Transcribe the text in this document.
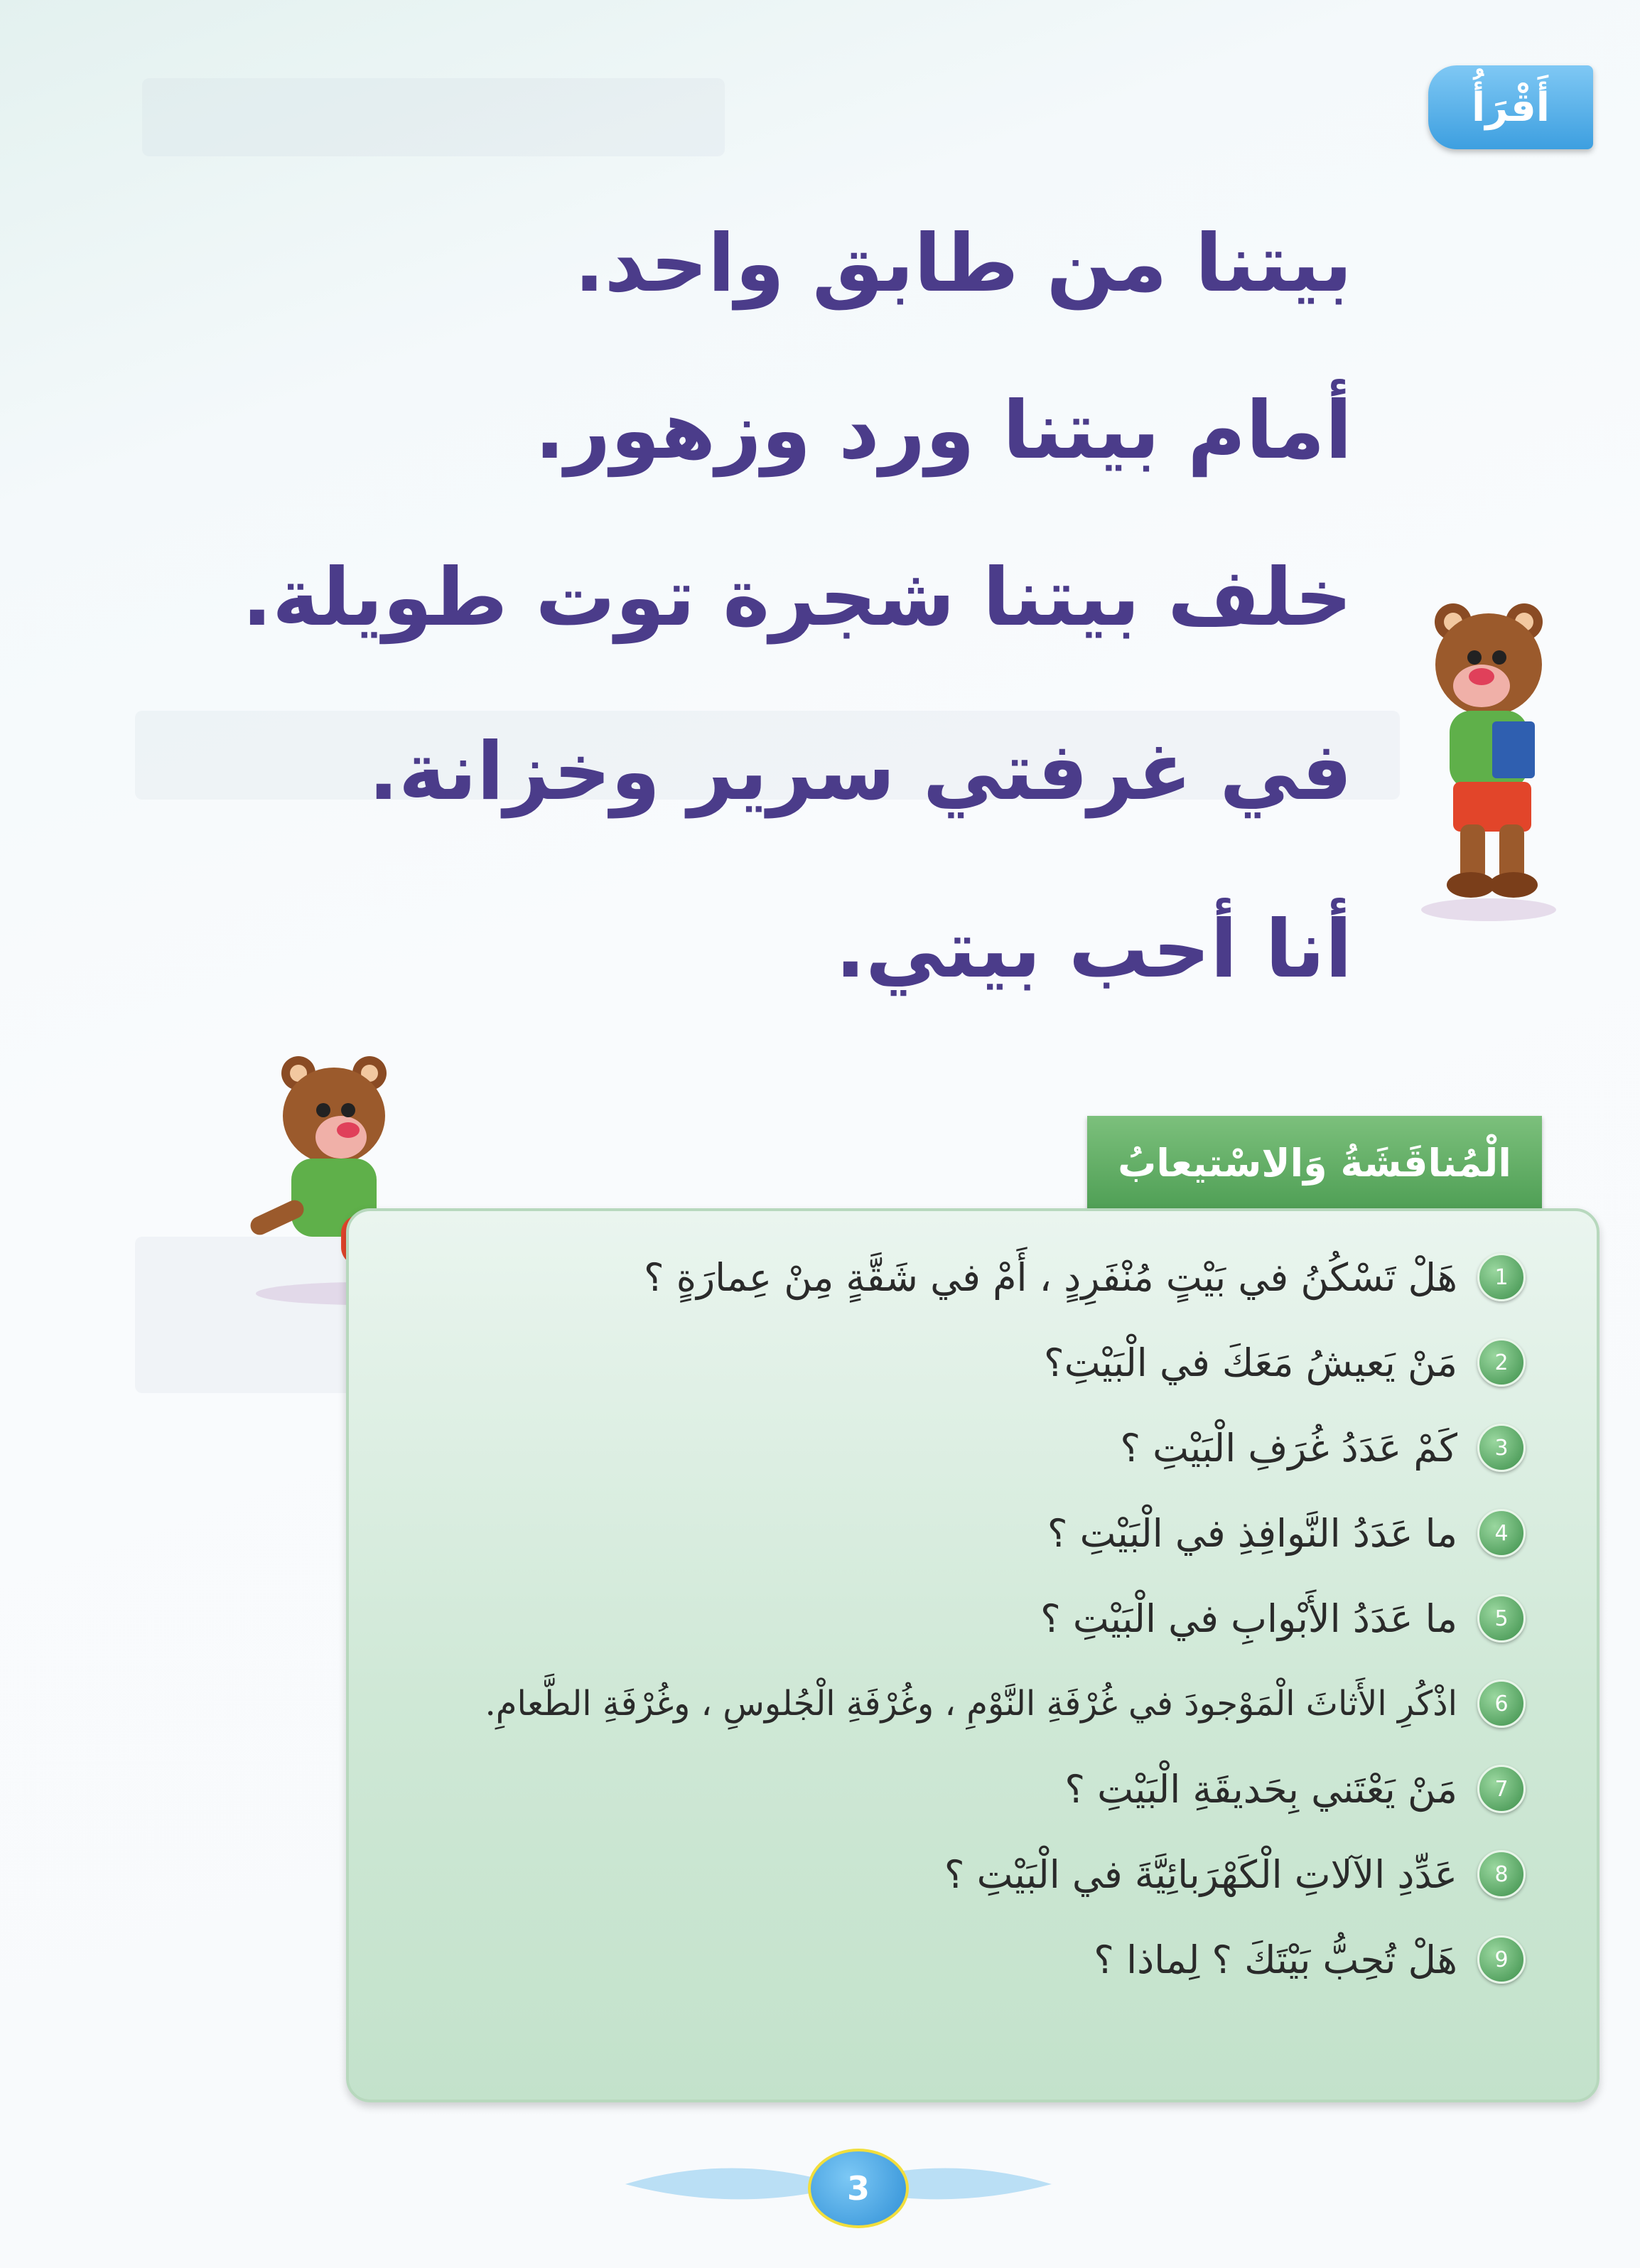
أَقْرَأُ
بيتنا من طابق واحد.
أمام بيتنا ورد وزهور.
خلف بيتنا شجرة توت طويلة.
في غرفتي سرير وخزانة.
أنا أحب بيتي.
الْمُناقَشَةُ وَالاسْتيعابُ
1
هَلْ تَسْكُنُ في بَيْتٍ مُنْفَرِدٍ ، أَمْ في شَقَّةٍ مِنْ عِمارَةٍ ؟
2
مَنْ يَعيشُ مَعَكَ في الْبَيْتِ؟
3
كَمْ عَدَدُ غُرَفِ الْبَيْتِ ؟
4
ما عَدَدُ النَّوافِذِ في الْبَيْتِ ؟
5
ما عَدَدُ الأَبْوابِ في الْبَيْتِ ؟
6
اذْكُرِ الأَثاثَ الْمَوْجودَ في غُرْفَةِ النَّوْمِ ، وغُرْفَةِ الْجُلوسِ ، وغُرْفَةِ الطَّعامِ.
7
مَنْ يَعْتَني بِحَديقَةِ الْبَيْتِ ؟
8
عَدِّدِ الآلاتِ الْكَهْرَبائِيَّةَ في الْبَيْتِ ؟
9
هَلْ تُحِبُّ بَيْتَكَ ؟ لِماذا ؟
3
